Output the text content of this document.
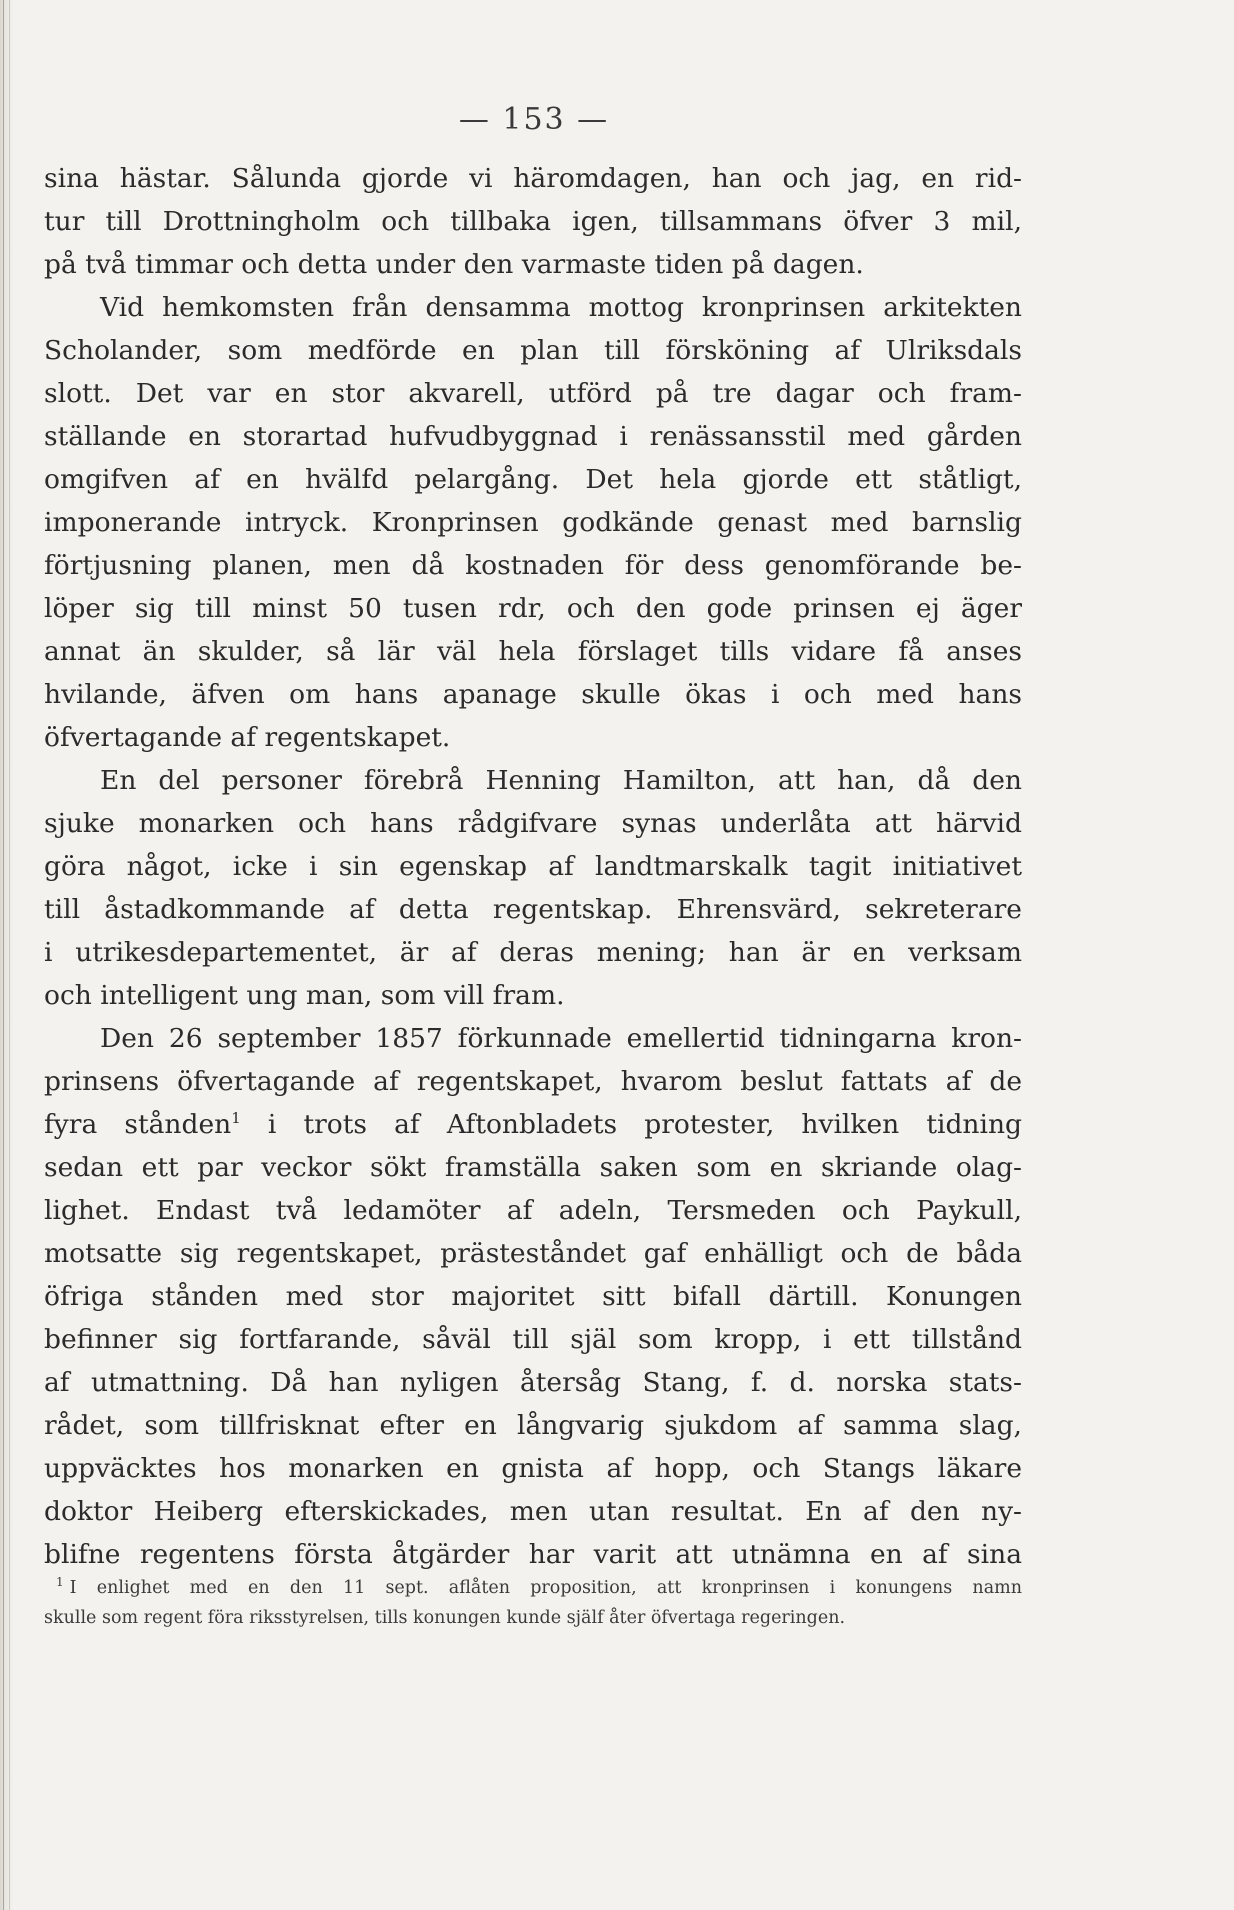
— 153 —
sina hästar. Sålunda gjorde vi häromdagen, han och jag, en rid-
tur till Drottningholm och tillbaka igen, tillsammans öfver 3 mil,
på två timmar och detta under den varmaste tiden på dagen.
Vid hemkomsten från densamma mottog kronprinsen arkitekten
Scholander, som medförde en plan till försköning af Ulriksdals
slott. Det var en stor akvarell, utförd på tre dagar och fram-
ställande en storartad hufvudbyggnad i renässansstil med gården
omgifven af en hvälfd pelargång. Det hela gjorde ett ståtligt,
imponerande intryck. Kronprinsen godkände genast med barnslig
förtjusning planen, men då kostnaden för dess genomförande be-
löper sig till minst 50 tusen rdr, och den gode prinsen ej äger
annat än skulder, så lär väl hela förslaget tills vidare få anses
hvilande, äfven om hans apanage skulle ökas i och med hans
öfvertagande af regentskapet.
En del personer förebrå Henning Hamilton, att han, då den
sjuke monarken och hans rådgifvare synas underlåta att härvid
göra något, icke i sin egenskap af landtmarskalk tagit initiativet
till åstadkommande af detta regentskap. Ehrensvärd, sekreterare
i utrikesdepartementet, är af deras mening; han är en verksam
och intelligent ung man, som vill fram.
Den 26 september 1857 förkunnade emellertid tidningarna kron-
prinsens öfvertagande af regentskapet, hvarom beslut fattats af de
fyra stånden$^1$ i trots af Aftonbladets protester, hvilken tidning
sedan ett par veckor sökt framställa saken som en skriande olag-
lighet. Endast två ledamöter af adeln, Tersmeden och Paykull,
motsatte sig regentskapet, prästeståndet gaf enhälligt och de båda
öfriga stånden med stor majoritet sitt bifall därtill. Konungen
befinner sig fortfarande, såväl till själ som kropp, i ett tillstånd
af utmattning. Då han nyligen återsåg Stang, f. d. norska stats-
rådet, som tillfrisknat efter en långvarig sjukdom af samma slag,
uppväcktes hos monarken en gnista af hopp, och Stangs läkare
doktor Heiberg efterskickades, men utan resultat. En af den ny-
blifne regentens första åtgärder har varit att utnämna en af sina
$^1$ I enlighet med en den 11 sept. aflåten proposition, att kronprinsen i konungens namn
skulle som regent föra riksstyrelsen, tills konungen kunde själf åter öfvertaga regeringen.
